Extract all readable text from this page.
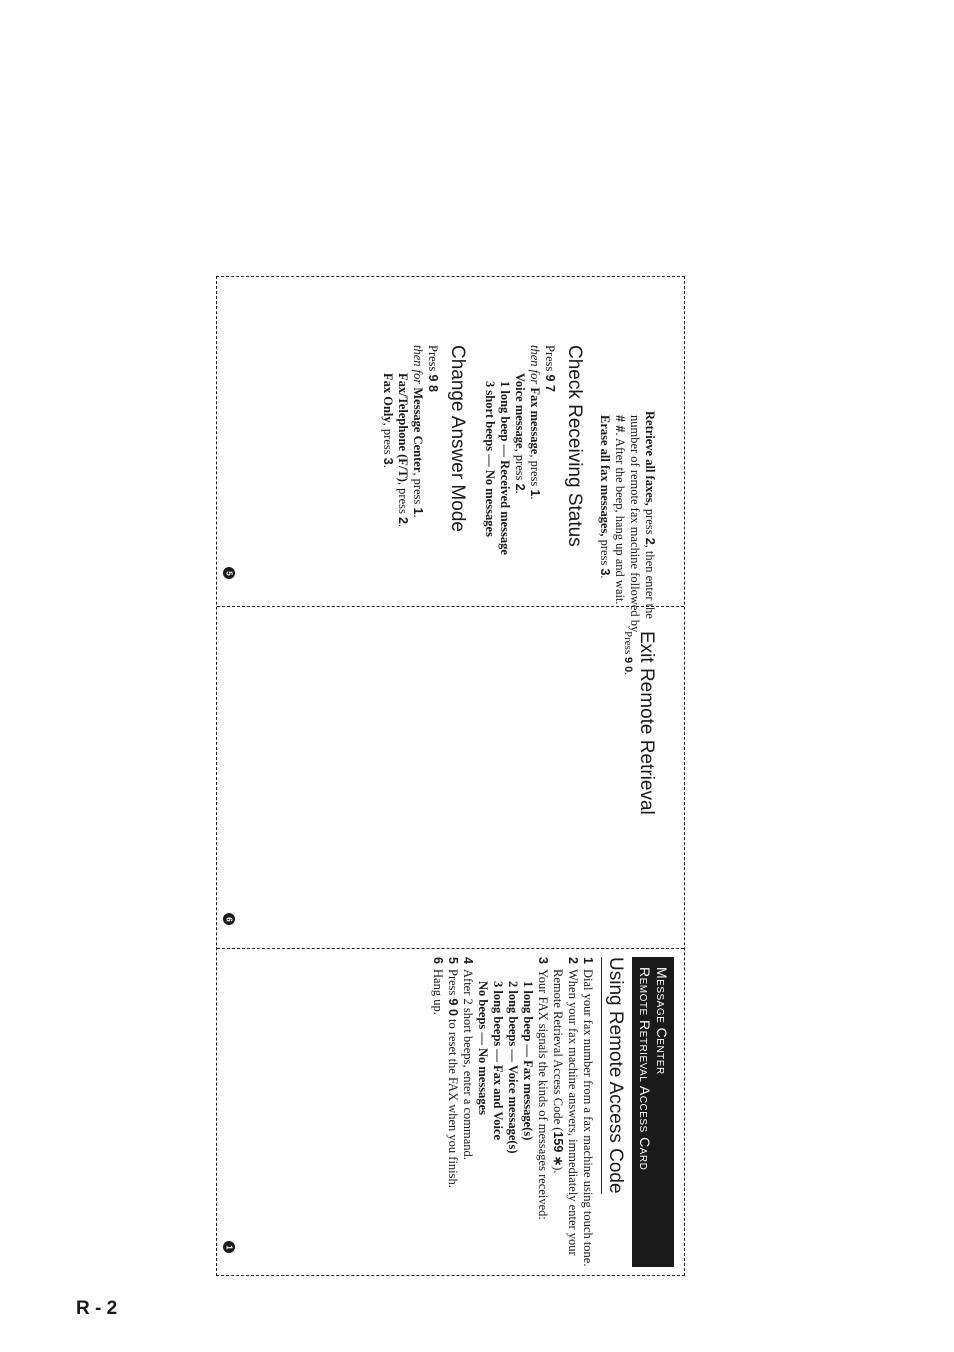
5
6
1

Retrieve all faxes, press 2, then enter the number of remote fax machine followed by # #. After the beep, hang up and wait.

Erase all fax messages, press 3.

Check Receiving Status

Press 9 7

then for Fax message, press 1.

Voice message, press 2.

1 long beep — Received message

3 short beeps — No messages

Change Answer Mode

Press 9 8

then for Message Center, press 1.

Fax/Telephone (F/T), press 2.

Fax Only, press 3.

Exit Remote Retrieval

Press 9 0.

Message Center
Remote Retrieval Access Card
Using Remote Access Code
1
Dial your fax number from a fax machine using touch tone.
2
When your fax machine answers, immediately enter your Remote Retrieval Access Code (159 ∗).
3
Your FAX signals the kinds of messages received:

1 long beep — Fax message(s)

2 long beeps — Voice message(s)

3 long beeps — Fax and Voice

No beeps — No messages

4
After 2 short beeps, enter a command.
5
Press 9 0 to reset the FAX when you finish.
6
Hang up.
R - 2
